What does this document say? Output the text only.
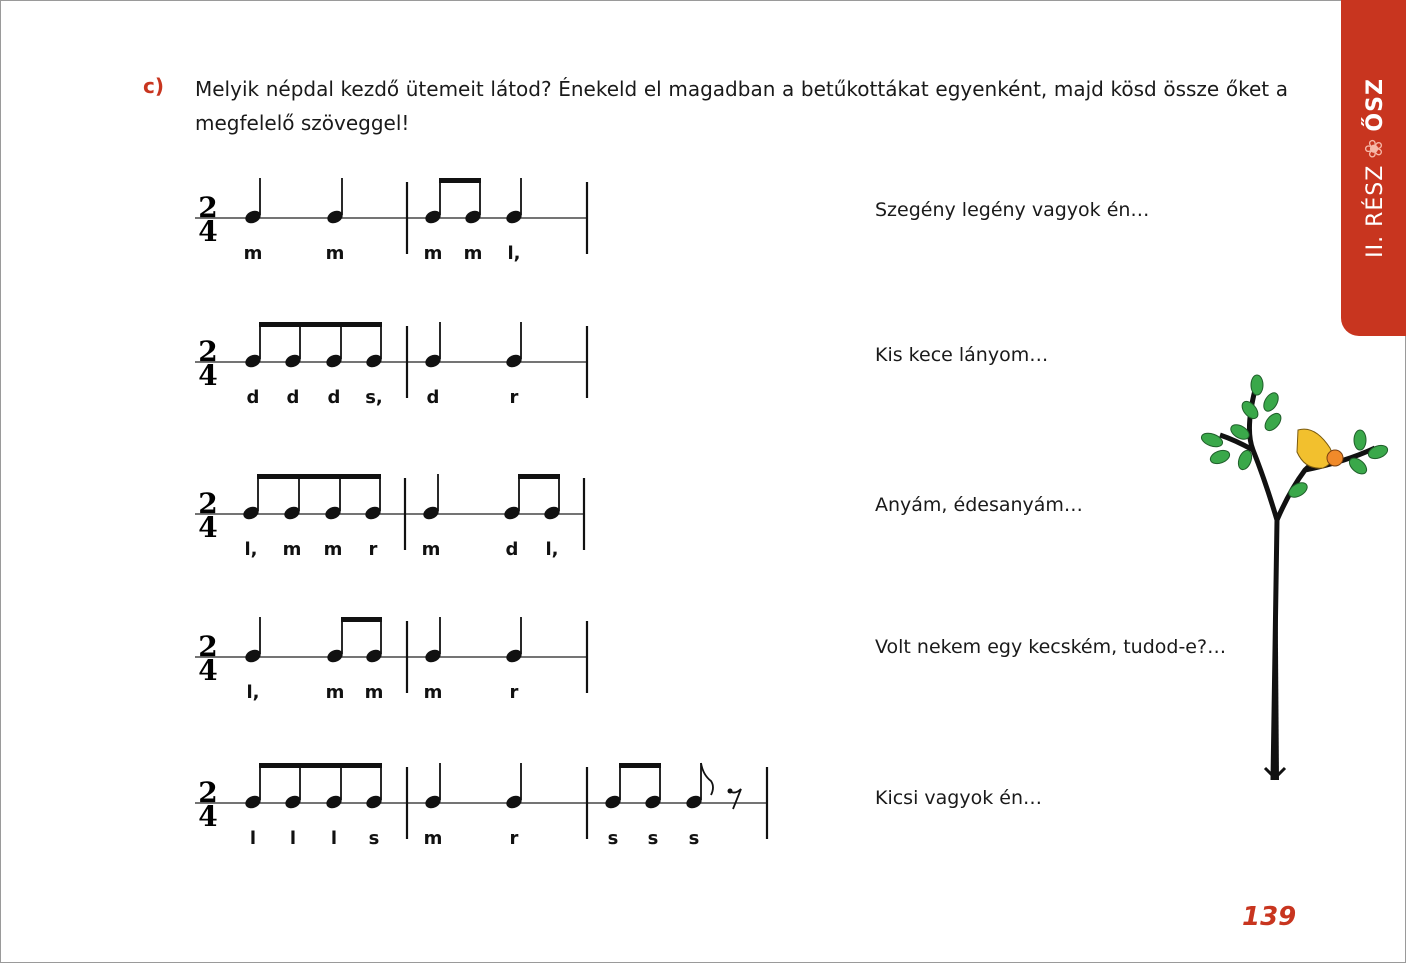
II. RÉSZ❀ŐSZ
c) Melyik népdal kezdő ütemeit látod? Énekeld el magadban a betűkottákat egyenként, majd kösd össze őket a megfelelő szöveggel!
2
4
m	m	m m l,
2
4
d d d s, d	r
2
4
l, m m r m	d l,
2
4
l,	m m m	r
2
4
l l l s m	r	s s s
Szegény legény vagyok én…
Kis kece lányom…
Anyám, édesanyám…
Volt nekem egy kecském, tudod-e?…
Kicsi vagyok én…
139
